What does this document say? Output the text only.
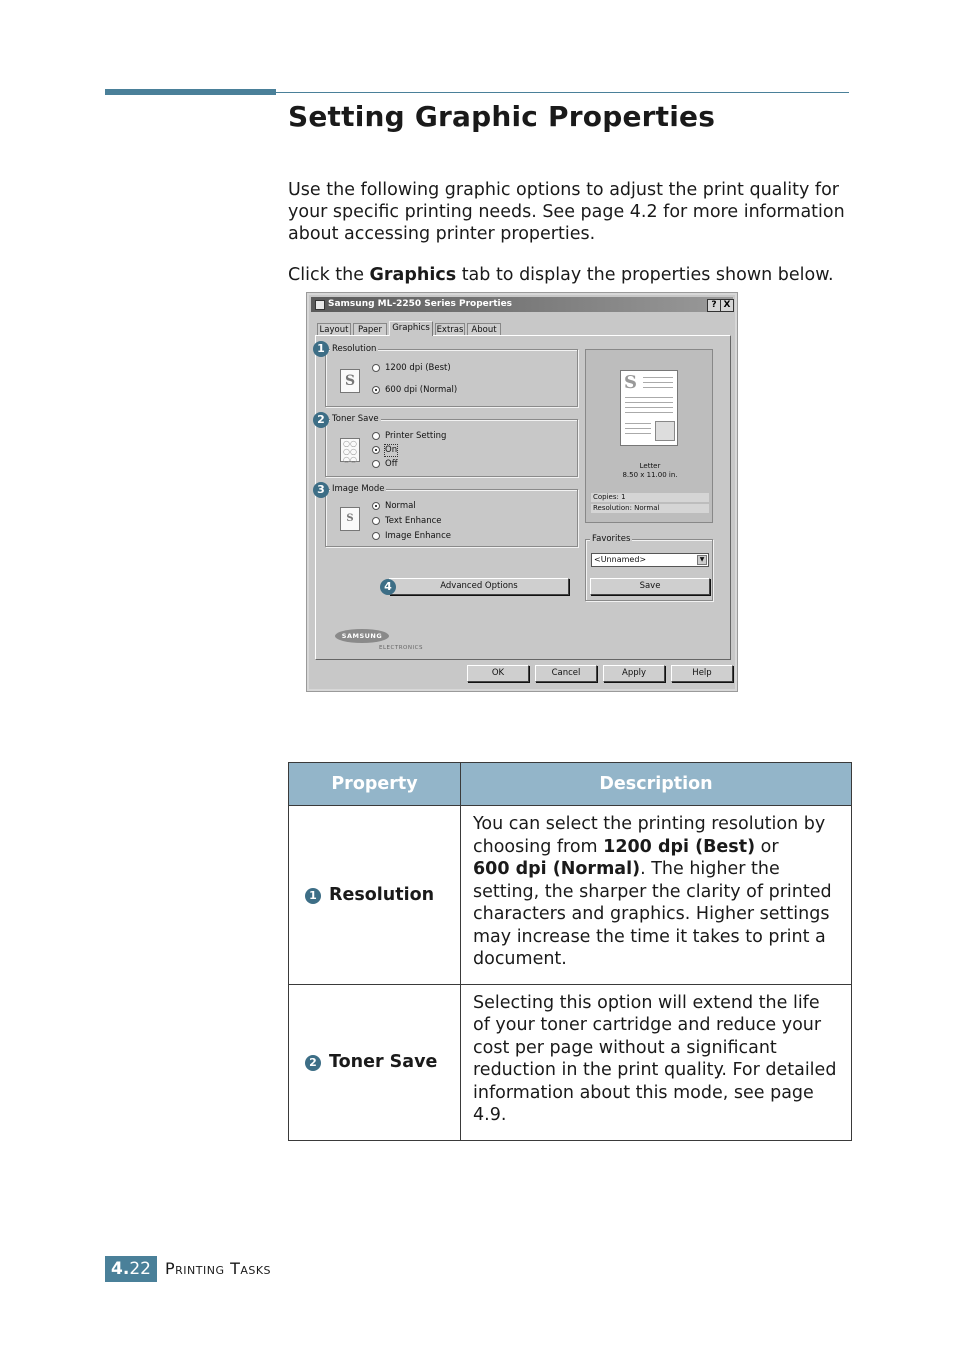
Setting Graphic Properties

Use the following graphic options to adjust the print quality for your specific printing needs. See page 4.2 for more information about accessing printer properties.

Click the Graphics tab to display the properties shown below.

Samsung ML-2250 Series Properties	? X
Layout	Paper	Graphics Extras About
Resolution
S
1200 dpi (Best)
600 dpi (Normal)
1
Toner Save
○○
○○
○○
Printer Setting
On
Off
2
Image Mode
S
Normal
Text Enhance
Image Enhance
3
Advanced Options
4
S
Letter
8.50 x 11.00 in.
Copies: 1
Resolution: Normal
Favorites
<Unnamed>	▼
Save
SAMSUNG
ELECTRONICS
OK	Cancel	Apply	Help
Property	Description
1 Resolution	You can select the printing resolution by choosing from 1200 dpi (Best) or
600 dpi (Normal). The higher the setting, the sharper the clarity of printed characters and graphics. Higher settings may increase the time it takes to print a document.
2 Toner Save	Selecting this option will extend the life of your toner cartridge and reduce your cost per page without a significant reduction in the print quality. For detailed information about this mode, see page 4.9.
4.22 Printing Tasks
